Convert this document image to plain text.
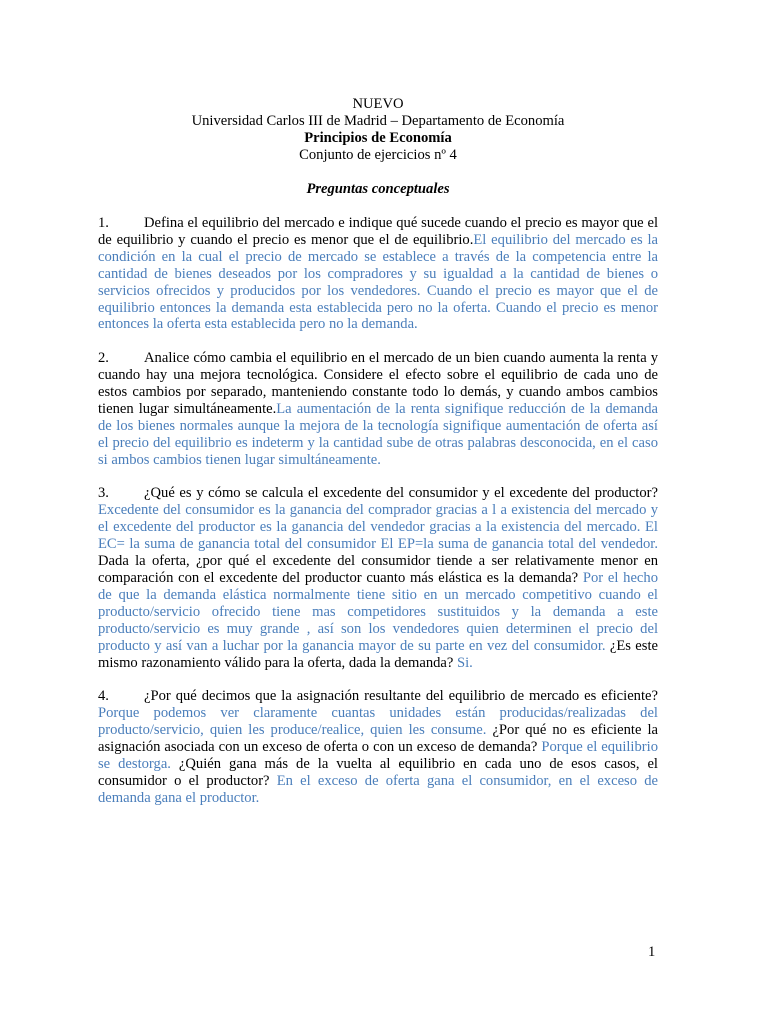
NUEVO
Universidad Carlos III de Madrid – Departamento de Economía
Principios de Economía
Conjunto de ejercicios nº 4
Preguntas conceptuales
1. Defina el equilibrio del mercado e indique qué sucede cuando el precio es mayor que el de equilibrio y cuando el precio es menor que el de equilibrio.El equilibrio del mercado es la condición en la cual el precio de mercado se establece a través de la competencia entre la cantidad de bienes deseados por los compradores y su igualdad a la cantidad de bienes o servicios ofrecidos y producidos por los vendedores. Cuando el precio es mayor que el de equilibrio entonces la demanda esta establecida pero no la oferta. Cuando el precio es menor entonces la oferta esta establecida pero no la demanda.
2. Analice cómo cambia el equilibrio en el mercado de un bien cuando aumenta la renta y cuando hay una mejora tecnológica. Considere el efecto sobre el equilibrio de cada uno de estos cambios por separado, manteniendo constante todo lo demás, y cuando ambos cambios tienen lugar simultáneamente.La aumentación de la renta signifique reducción de la demanda de los bienes normales aunque la mejora de la tecnología signifique aumentación de oferta así el precio del equilibrio es indeterm y la cantidad sube de otras palabras desconocida, en el caso si ambos cambios tienen lugar simultáneamente.
3. ¿Qué es y cómo se calcula el excedente del consumidor y el excedente del productor? Excedente del consumidor es la ganancia del comprador gracias a l a existencia del mercado y el excedente del productor es la ganancia del vendedor gracias a la existencia del mercado. El EC= la suma de ganancia total del consumidor El EP=la suma de ganancia total del vendedor. Dada la oferta, ¿por qué el excedente del consumidor tiende a ser relativamente menor en comparación con el excedente del productor cuanto más elástica es la demanda? Por el hecho de que la demanda elástica normalmente tiene sitio en un mercado competitivo cuando el producto/servicio ofrecido tiene mas competidores sustituidos y la demanda a este producto/servicio es muy grande , así son los vendedores quien determinen el precio del producto y así van a luchar por la ganancia mayor de su parte en vez del consumidor. ¿Es este mismo razonamiento válido para la oferta, dada la demanda? Si.
4. ¿Por qué decimos que la asignación resultante del equilibrio de mercado es eficiente? Porque podemos ver claramente cuantas unidades están producidas/realizadas del producto/servicio, quien les produce/realice, quien les consume. ¿Por qué no es eficiente la asignación asociada con un exceso de oferta o con un exceso de demanda? Porque el equilibrio se destorga. ¿Quién gana más de la vuelta al equilibrio en cada uno de esos casos, el consumidor o el productor? En el exceso de oferta gana el consumidor, en el exceso de demanda gana el productor.
1
